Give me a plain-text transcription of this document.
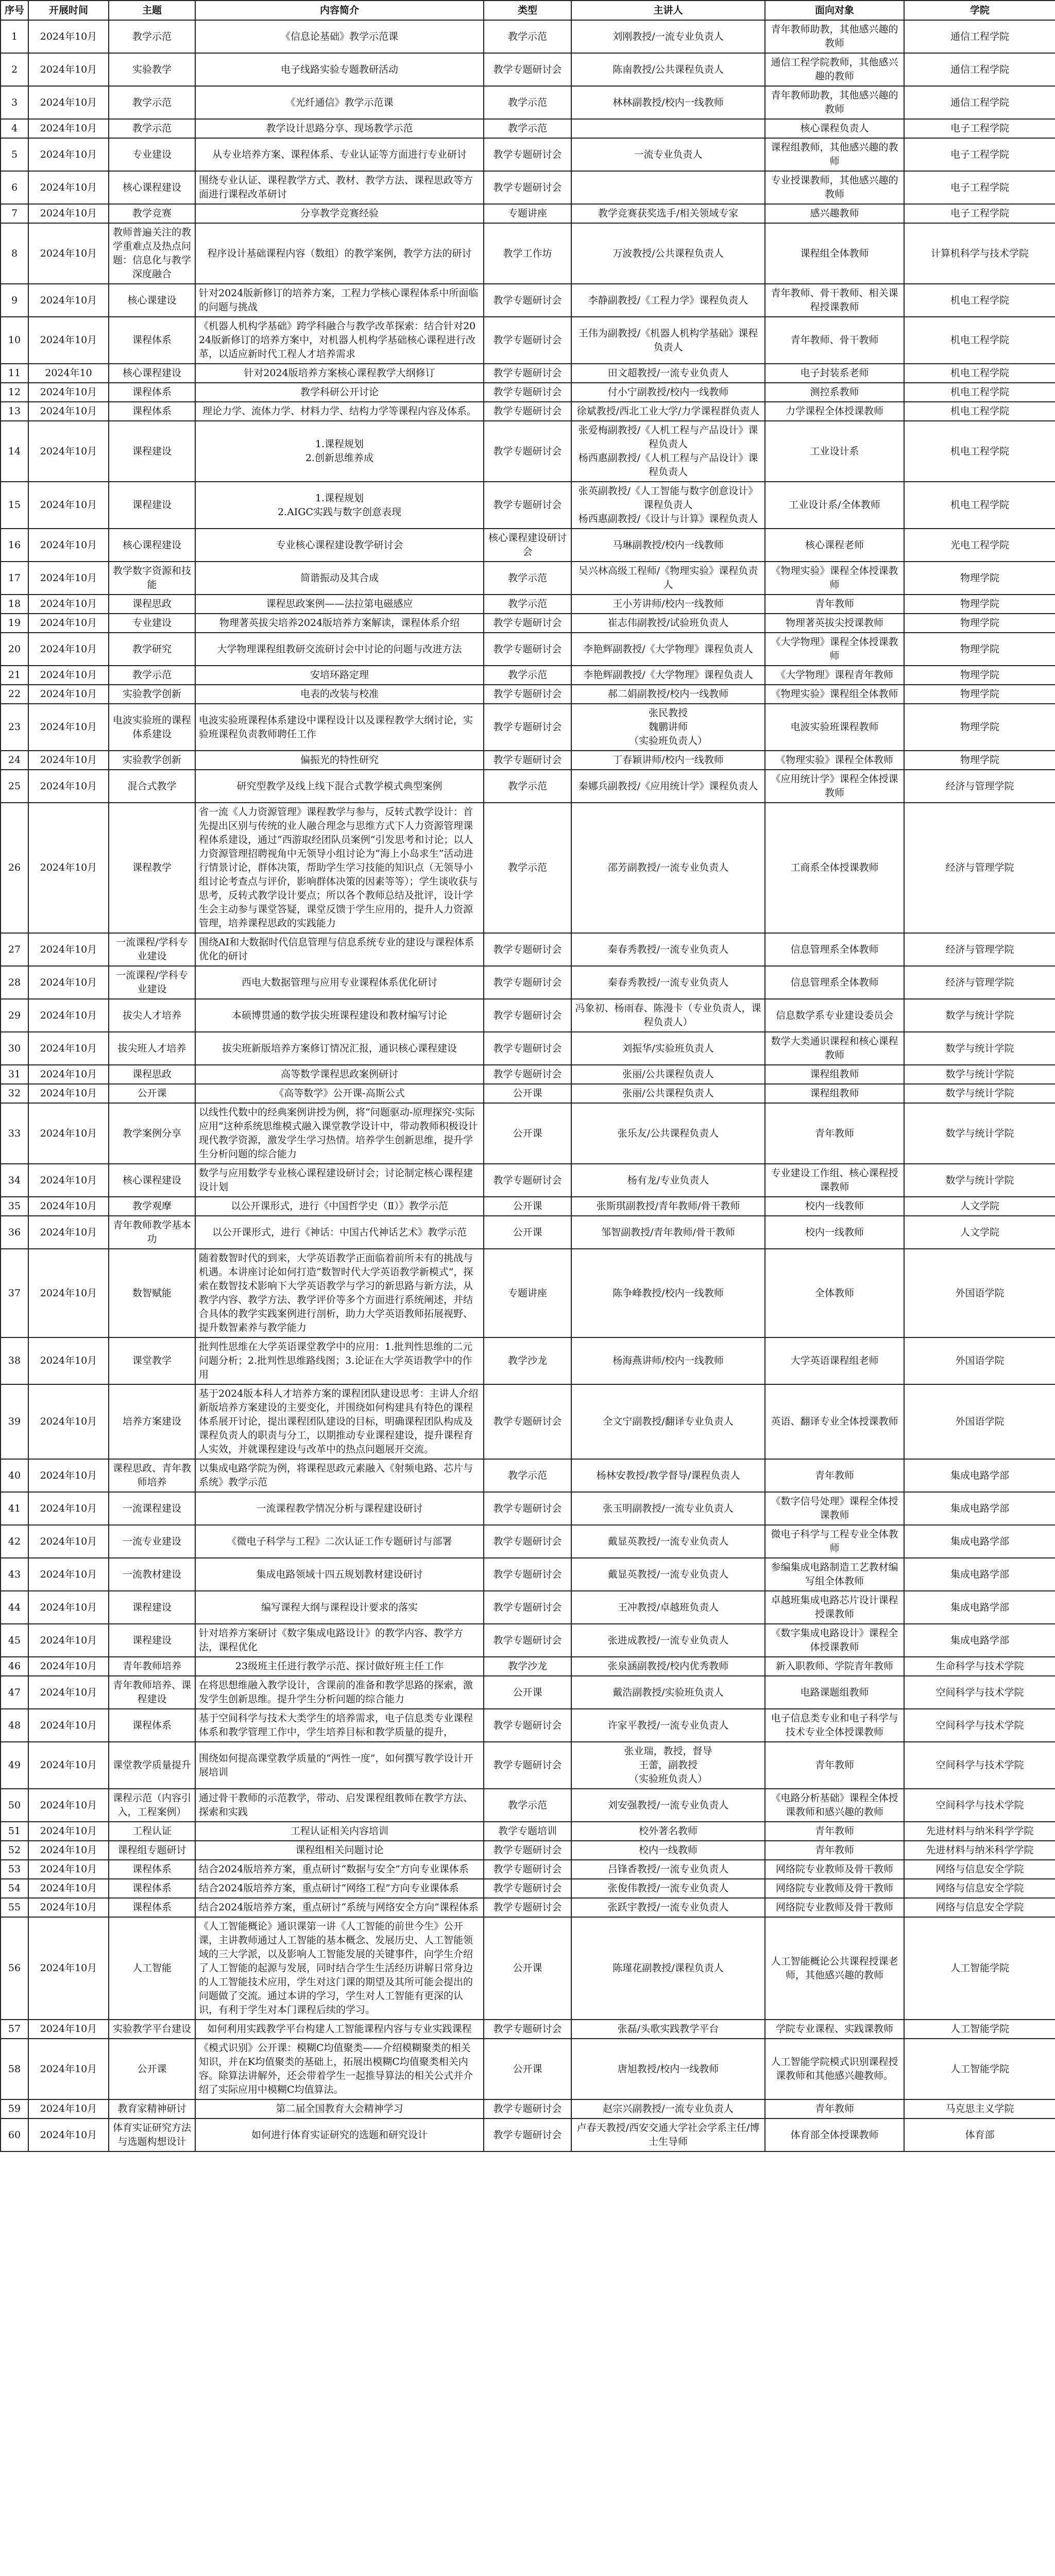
序号	开展时间	主题	内容简介	类型	主讲人	面向对象	学院
1	2024年10月	教学示范	《信息论基础》教学示范课	教学示范	刘刚教授/一流专业负责人	青年教师助教，其他感兴趣的教师	通信工程学院
2	2024年10月	实验教学	电子线路实验专题教研活动	教学专题研讨会	陈南教授/公共课程负责人	通信工程学院教师，其他感兴趣的教师	通信工程学院
3	2024年10月	教学示范	《光纤通信》教学示范课	教学示范	林林副教授/校内一线教师	青年教师助教，其他感兴趣的教师	通信工程学院
4	2024年10月	教学示范	教学设计思路分享、现场教学示范	教学示范		核心课程负责人	电子工程学院
5	2024年10月	专业建设	从专业培养方案、课程体系、专业认证等方面进行专业研讨	教学专题研讨会	一流专业负责人	课程组教师，其他感兴趣的教师	电子工程学院
6	2024年10月	核心课程建设	围绕专业认证、课程教学方式、教材、教学方法、课程思政等方面进行课程改革研讨	教学专题研讨会		专业授课教师，其他感兴趣的教师	电子工程学院
7	2024年10月	教学竞赛	分享教学竞赛经验	专题讲座	教学竞赛获奖选手/相关领域专家	感兴趣教师	电子工程学院
8	2024年10月	教师普遍关注的教学重难点及热点问题：信息化与教学深度融合	程序设计基础课程内容（数组）的教学案例，教学方法的研讨	教学工作坊	万波教授/公共课程负责人	课程组全体教师	计算机科学与技术学院
9	2024年10月	核心课建设	针对2024版新修订的培养方案，工程力学核心课程体系中所面临的问题与挑战	教学专题研讨会	李静副教授/《工程力学》课程负责人	青年教师、骨干教师、相关课程授课教师	机电工程学院
10	2024年10月	课程体系	《机器人机构学基础》跨学科融合与教学改革探索：结合针对2024版新修订的培养方案中，对机器人机构学基础核心课程进行改革，以适应新时代工程人才培养需求	教学专题研讨会	王伟为副教授/《机器人机构学基础》课程负责人	青年教师、骨干教师	机电工程学院
11	2024年10	核心课程建设	针对2024版培养方案核心课程教学大纲修订	教学专题研讨会	田文超教授/一流专业负责人	电子封装系老师	机电工程学院
12	2024年10月	课程体系	教学科研公开讨论	教学专题研讨会	付小宁副教授/校内一线教师	测控系教师	机电工程学院
13	2024年10月	课程体系	理论力学、流体力学、材料力学、结构力学等课程内容及体系。	教学专题研讨会	徐斌教授/西北工业大学/力学课程群负责人	力学课程全体授课教师	机电工程学院
14	2024年10月	课程建设	1.课程规划
2.创新思维养成	教学专题研讨会	张爱梅副教授/《人机工程与产品设计》课程负责人
杨西惠副教授/《人机工程与产品设计》课程负责人	工业设计系	机电工程学院
15	2024年10月	课程建设	1.课程规划
2.AIGC实践与数字创意表现	教学专题研讨会	张英副教授/《人工智能与数字创意设计》课程负责人
杨西惠副教授/《设计与计算》课程负责人	工业设计系/全体教师	机电工程学院
16	2024年10月	核心课程建设	专业核心课程建设教学研讨会	核心课程建设研讨会	马琳副教授/校内一线教师	核心课程老师	光电工程学院
17	2024年10月	教学数字资源和技能	简谐振动及其合成	教学示范	吴兴林高级工程师/《物理实验》课程负责人	《物理实验》课程全体授课教师	物理学院
18	2024年10月	课程思政	课程思政案例——法拉第电磁感应	教学示范	王小芳讲师/校内一线教师	青年教师	物理学院
19	2024年10月	专业建设	物理著英拔尖培养2024版培养方案解读，课程体系介绍	教学专题研讨会	崔志伟副教授/试验班负责人	物理著英拔尖授课教师	物理学院
20	2024年10月	教学研究	大学物理课程组教研交流研讨会中讨论的问题与改进方法	教学专题研讨会	李艳辉副教授/《大学物理》课程负责人	《大学物理》课程全体授课教师	物理学院
21	2024年10月	教学示范	安培环路定理	教学示范	李艳辉副教授/《大学物理》课程负责人	《大学物理》课程青年教师	物理学院
22	2024年10月	实验教学创新	电表的改装与校准	教学专题研讨会	郝二娟副教授/校内一线教师	《物理实验》课程组全体教师	物理学院
23	2024年10月	电波实验班的课程体系建设	电波实验班课程体系建设中课程设计以及课程教学大纲讨论，实验班课程负责教师聘任工作	教学专题研讨会	张民教授
魏鹏讲师
（实验班负责人）	电波实验班课程教师	物理学院
24	2024年10月	实验教学创新	偏振光的特性研究	教学专题研讨会	丁春颖讲师/校内一线教师	《物理实验》课程全体教师	物理学院
25	2024年10月	混合式教学	研究型教学及线上线下混合式教学模式典型案例	教学示范	秦娜兵副教授/《应用统计学》课程负责人	《应用统计学》课程全体授课教师	经济与管理学院
26	2024年10月	课程教学	省一流《人力资源管理》课程教学与参与，反转式教学设计：首先提出区别与传统的业人融合理念与思维方式下人力资源管理课程体系建设，通过“西游取经团队员案例”引发思考和讨论；以人力资源管理招聘视角中无领导小组讨论为“海上小岛求生”活动进行情景讨论，群体决策，帮助学生学习技能的知识点（无领导小组讨论考查点与评价，影响群体决策的因素等等）；学生谈收获与思考，反转式教学设计要点；所以各个教师总结及批评，设计学生会主动参与课堂答疑，课堂反馈于学生应用的，提升人力资源管理，培养课程思政的实践能力	教学示范	邵芳副教授/一流专业负责人	工商系全体授课教师	经济与管理学院
27	2024年10月	一流课程/学科专业建设	围绕AI和大数据时代信息管理与信息系统专业的建设与课程体系优化的研讨	教学专题研讨会	秦春秀教授/一流专业负责人	信息管理系全体教师	经济与管理学院
28	2024年10月	一流课程/学科专业建设	西电大数据管理与应用专业课程体系优化研讨	教学专题研讨会	秦春秀教授/一流专业负责人	信息管理系全体教师	经济与管理学院
29	2024年10月	拔尖人才培养	本硕博贯通的数学拔尖班课程建设和教材编写讨论	教学专题研讨会	冯象初、杨雨春、陈漫卡（专业负责人，课程负责人）	信息数学系专业建设委员会	数学与统计学院
30	2024年10月	拔尖班人才培养	拔尖班新版培养方案修订情况汇报，通识核心课程建设	教学专题研讨会	刘振华/实验班负责人	数学大类通识课程和核心课程教师	数学与统计学院
31	2024年10月	课程思政	高等数学课程思政案例研讨	教学专题研讨会	张丽/公共课程负责人	课程组教师	数学与统计学院
32	2024年10月	公开课	《高等数学》公开课-高斯公式	公开课	张丽/公共课程负责人	课程组教师	数学与统计学院
33	2024年10月	教学案例分享	以线性代数中的经典案例讲授为例，将“问题驱动-原理探究-实际应用”这种系统思维模式融入课堂教学设计中，带动教师积极设计现代教学资源，激发学生学习热情。培养学生创新思维，提升学生分析问题的综合能力	公开课	张乐友/公共课程负责人	青年教师	数学与统计学院
34	2024年10月	核心课程建设	数学与应用数学专业核心课程建设研讨会；讨论制定核心课程建设计划	教学专题研讨会	杨有龙/专业负责人	专业建设工作组、核心课程授课教师	数学与统计学院
35	2024年10月	教学观摩	以公开课形式，进行《中国哲学史（Ⅱ）》教学示范	公开课	张斯琪副教授/青年教师/骨干教师	校内一线教师	人文学院
36	2024年10月	青年教师教学基本功	以公开课形式，进行《神话：中国古代神话艺术》教学示范	公开课	邹智副教授/青年教师/骨干教师	校内一线教师	人文学院
37	2024年10月	数智赋能	随着数智时代的到来，大学英语教学正面临着前所未有的挑战与机遇。本讲座讨论如何打造“数智时代大学英语教学新模式”，探索在数智技术影响下大学英语教学与学习的新思路与新方法，从教学内容、教学方法、教学评价等多个方面进行系统阐述，并结合具体的教学实践案例进行剖析，助力大学英语教师拓展视野、提升数智素养与教学能力	专题讲座	陈争峰教授/校内一线教师	全体教师	外国语学院
38	2024年10月	课堂教学	批判性思维在大学英语课堂教学中的应用：1.批判性思维的二元问题分析；2.批判性思维路线图；3.论证在大学英语教学中的作用	教学沙龙	杨海燕讲师/校内一线教师	大学英语课程组老师	外国语学院
39	2024年10月	培养方案建设	基于2024版本科人才培养方案的课程团队建设思考：主讲人介绍新版培养方案建设的主要变化，并围绕如何构建具有特色的课程体系展开讨论，提出课程团队建设的目标，明确课程团队构成及课程负责人的职责与分工，以期推动专业课程建设，提升课程育人实效，并就课程建设与改革中的热点问题展开交流。	教学专题研讨会	全文宁副教授/翻译专业负责人	英语、翻译专业全体授课教师	外国语学院
40	2024年10月	课程思政、青年教师培养	以集成电路学院为例，将课程思政元素融入《射频电路、芯片与系统》教学示范	教学示范	杨林安教授/教学督导/课程负责人	青年教师	集成电路学部
41	2024年10月	一流课程建设	一流课程教学情况分析与课程建设研讨	教学专题研讨会	张玉明副教授/一流专业负责人	《数字信号处理》课程全体授课教师	集成电路学部
42	2024年10月	一流专业建设	《微电子科学与工程》二次认证工作专题研讨与部署	教学专题研讨会	戴显英教授/一流专业负责人	微电子科学与工程专业全体教师	集成电路学部
43	2024年10月	一流教材建设	集成电路领域十四五规划教材建设研讨	教学专题研讨会	戴显英教授/一流专业负责人	参编集成电路制造工艺教材编写组全体教师	集成电路学部
44	2024年10月	课程建设	编写课程大纲与课程设计要求的落实	教学专题研讨会	王冲教授/卓越班负责人	卓越班集成电路芯片设计课程授课教师	集成电路学部
45	2024年10月	课程建设	针对培养方案研讨《数字集成电路设计》的教学内容、教学方法，课程优化	教学专题研讨会	张进成教授/一流专业负责人	《数字集成电路设计》课程全体授课教师	集成电路学部
46	2024年10月	青年教师培养	23级班主任进行教学示范、探讨做好班主任工作	教学沙龙	张泉涵副教授/校内优秀教师	新入职教师、学院青年教师	生命科学与技术学院
47	2024年10月	青年教师培养、课程建设	在将思想维融入教学设计，含课前的准备和教学思路的探索，激发学生创新思维。提升学生分析问题的综合能力	公开课	戴浩副教授/实验班负责人	电路课题组教师	空间科学与技术学院
48	2024年10月	课程体系	基于空间科学与技术大类学生的培养需求，电子信息类专业课程体系和教学管理工作中，学生培养目标和教学质量的提升，	教学专题研讨会	许家平教授/一流专业负责人	电子信息类专业和电子科学与技术专业全体授课教师	空间科学与技术学院
49	2024年10月	课堂教学质量提升	围绕如何提高课堂教学质量的“两性一度”，如何撰写教学设计开展培训	教学专题研讨会	张业瑞，教授，督导
王蕾，副教授
（实验班负责人）	青年教师	空间科学与技术学院
50	2024年10月	课程示范（内容引入，工程案例）	通过骨干教师的示范教学，带动、启发课程组教师在教学方法、探索和实践	教学示范	刘安强教授/一流专业负责人	《电路分析基础》课程全体授课教师和感兴趣的教师	空间科学与技术学院
51	2024年10月	工程认证	工程认证相关内容培训	教学专题培训	校外著名教师	青年教师	先进材料与纳米科学学院
52	2024年10月	课程组专题研讨	课程组相关问题讨论	教学专题研讨会	校内一线教师	青年教师	先进材料与纳米科学学院
53	2024年10月	课程体系	结合2024版培养方案，重点研讨“数据与安全”方向专业课体系	教学专题研讨会	吕锋香教授/一流专业负责人	网络院专业教师及骨干教师	网络与信息安全学院
54	2024年10月	课程体系	结合2024版培养方案，重点研讨“网络工程”方向专业课体系	教学专题研讨会	张俊伟教授/一流专业负责人	网络院专业教师及骨干教师	网络与信息安全学院
55	2024年10月	课程体系	结合2024版培养方案，重点研讨“系统与网络安全方向”课程体系	教学专题研讨会	张跃宇教授/一流专业负责人	网络院专业教师及骨干教师	网络与信息安全学院
56	2024年10月	人工智能	《人工智能概论》通识课第一讲《人工智能的前世今生》公开课，主讲教师通过人工智能的基本概念、发展历史、人工智能领域的三大学派，以及影响人工智能发展的关键事件，向学生介绍了人工智能的起源与发展，同时结合学生生活经历讲解日常身边的人工智能技术应用，学生对这门课的期望及其所可能会提出的问题做了交流。通过本讲的学习，学生对人工智能有更深的认识，有利于学生对本门课程后续的学习。	公开课	陈瑾花副教授/课程负责人	人工智能概论公共课程授课老师，其他感兴趣的教师	人工智能学院
57	2024年10月	实验教学平台建设	如何利用实践教学平台构建人工智能课程内容与专业实践课程	教学专题研讨会	张磊/头歌实践教学平台	学院专业课程、实践课教师	人工智能学院
58	2024年10月	公开课	《模式识别》公开课：模糊C均值聚类——介绍模糊聚类的相关知识，并在K均值聚类的基础上，拓展出模糊C均值聚类相关内容。除算法讲解外，还会带着学生一起推导算法的相关公式并介绍了实际应用中模糊C均值算法。	公开课	唐旭教授/校内一线教师	人工智能学院模式识别课程授课教师和其他感兴趣教师。	人工智能学院
59	2024年10月	教育家精神研讨	第二届全国教育大会精神学习	教学专题研讨会	赵宗兴副教授/一流专业负责人	青年教师	马克思主义学院
60	2024年10月	体育实证研究方法与选题构想设计	如何进行体育实证研究的选题和研究设计	教学专题研讨会	卢春天教授/西安交通大学社会学系主任/博士生导师	体育部全体授课教师	体育部
